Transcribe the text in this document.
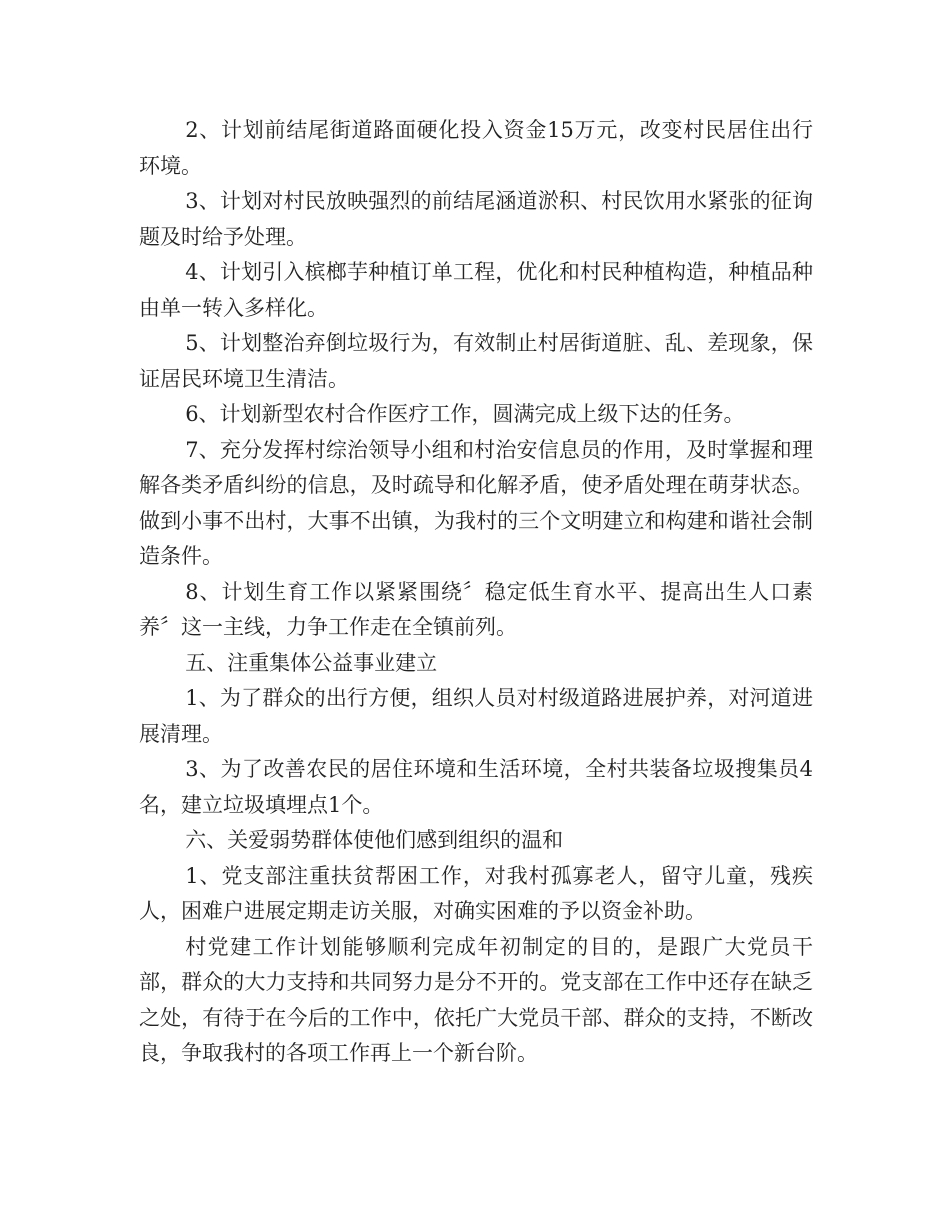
2、计划前结尾街道路面硬化投入资金15万元，改变村民居住出行环境。

3、计划对村民放映强烈的前结尾涵道淤积、村民饮用水紧张的征询题及时给予处理。

4、计划引入槟榔芋种植订单工程，优化和村民种植构造，种植品种由单一转入多样化。

5、计划整治弃倒垃圾行为，有效制止村居街道脏、乱、差现象，保证居民环境卫生清洁。

6、计划新型农村合作医疗工作，圆满完成上级下达的任务。

7、充分发挥村综治领导小组和村治安信息员的作用，及时掌握和理解各类矛盾纠纷的信息，及时疏导和化解矛盾，使矛盾处理在萌芽状态。做到小事不出村，大事不出镇，为我村的三个文明建立和构建和谐社会制造条件。

8、计划生育工作以紧紧围绕〞稳定低生育水平、提高出生人口素养〞这一主线，力争工作走在全镇前列。

五、注重集体公益事业建立

1、为了群众的出行方便，组织人员对村级道路进展护养，对河道进展清理。

3、为了改善农民的居住环境和生活环境，全村共装备垃圾搜集员4名，建立垃圾填埋点1个。

六、关爱弱势群体使他们感到组织的温和

1、党支部注重扶贫帮困工作，对我村孤寡老人，留守儿童，残疾人，困难户进展定期走访关服，对确实困难的予以资金补助。

村党建工作计划能够顺利完成年初制定的目的，是跟广大党员干部，群众的大力支持和共同努力是分不开的。党支部在工作中还存在缺乏之处，有待于在今后的工作中，依托广大党员干部、群众的支持，不断改良，争取我村的各项工作再上一个新台阶。
